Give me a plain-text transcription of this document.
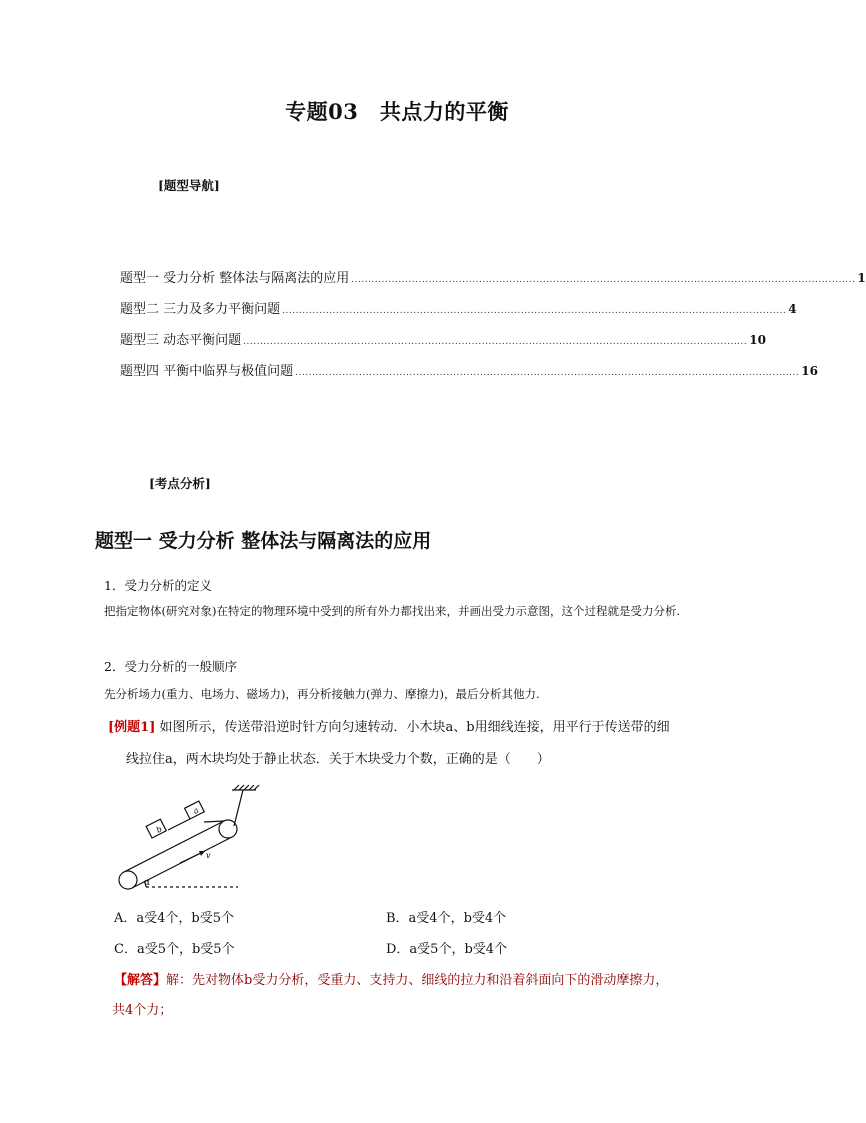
专题03　共点力的平衡
[题型导航]
题型一 受力分析 整体法与隔离法的应用 ...................................................................................................................................................... 1
题型二 三力及多力平衡问题 ...................................................................................................................................................... 4
题型三 动态平衡问题 ...................................................................................................................................................... 10
题型四 平衡中临界与极值问题 ...................................................................................................................................................... 16
[考点分析]
题型一 受力分析 整体法与隔离法的应用
1．受力分析的定义
把指定物体(研究对象)在特定的物理环境中受到的所有外力都找出来，并画出受力示意图，这个过程就是受力分析.
2．受力分析的一般顺序
先分析场力(重力、电场力、磁场力)，再分析接触力(弹力、摩擦力)，最后分析其他力.
[例题1] 如图所示，传送带沿逆时针方向匀速转动．小木块a、b用细线连接，用平行于传送带的细
线拉住a，两木块均处于静止状态．关于木块受力个数，正确的是（　　）
a
b
v
α
A．a受4个，b受5个	B．a受4个，b受4个
C．a受5个，b受5个	D．a受5个，b受4个
【解答】解：先对物体b受力分析，受重力、支持力、细线的拉力和沿着斜面向下的滑动摩擦力，
共4个力；
